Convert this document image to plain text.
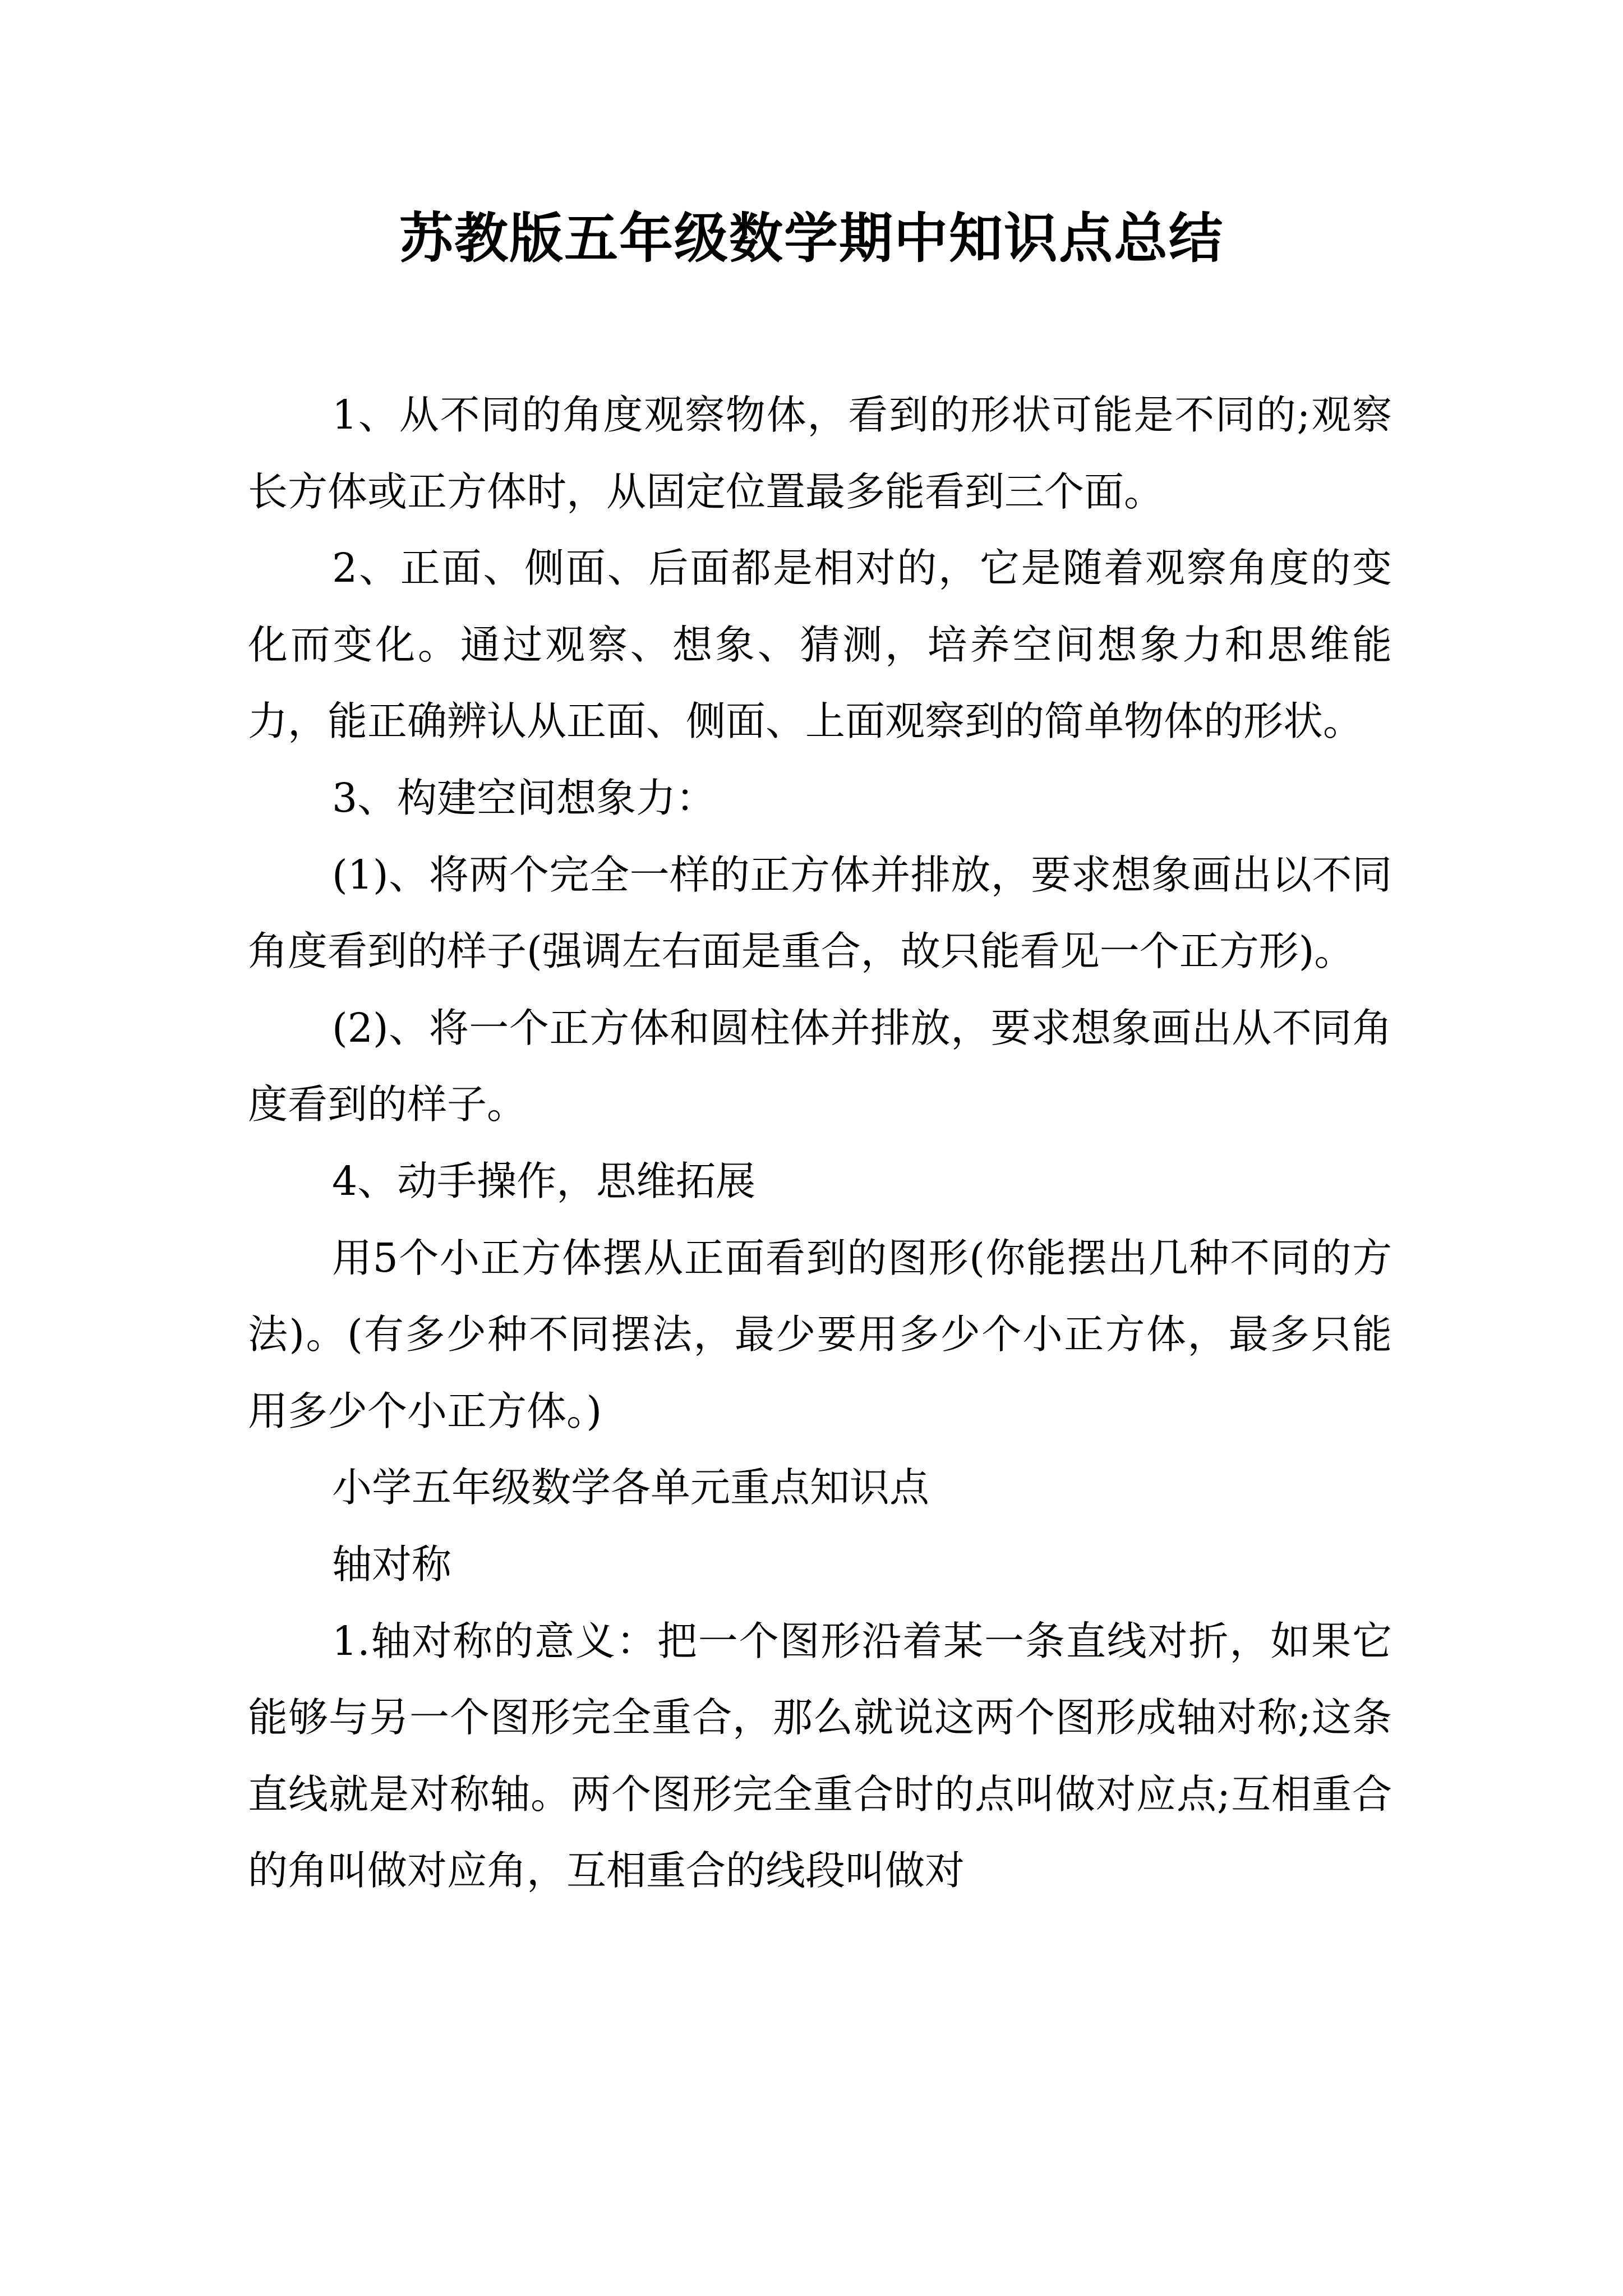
苏教版五年级数学期中知识点总结

1、从不同的角度观察物体，看到的形状可能是不同的;观察长方体或正方体时，从固定位置最多能看到三个面。

2、正面、侧面、后面都是相对的，它是随着观察角度的变化而变化。通过观察、想象、猜测，培养空间想象力和思维能力，能正确辨认从正面、侧面、上面观察到的简单物体的形状。

3、构建空间想象力：

(1)、将两个完全一样的正方体并排放，要求想象画出以不同角度看到的样子(强调左右面是重合，故只能看见一个正方形)。

(2)、将一个正方体和圆柱体并排放，要求想象画出从不同角度看到的样子。

4、动手操作，思维拓展

用5个小正方体摆从正面看到的图形(你能摆出几种不同的方法)。(有多少种不同摆法，最少要用多少个小正方体，最多只能用多少个小正方体。)

小学五年级数学各单元重点知识点

轴对称

1.轴对称的意义：把一个图形沿着某一条直线对折，如果它能够与另一个图形完全重合，那么就说这两个图形成轴对称;这条直线就是对称轴。两个图形完全重合时的点叫做对应点;互相重合的角叫做对应角，互相重合的线段叫做对
